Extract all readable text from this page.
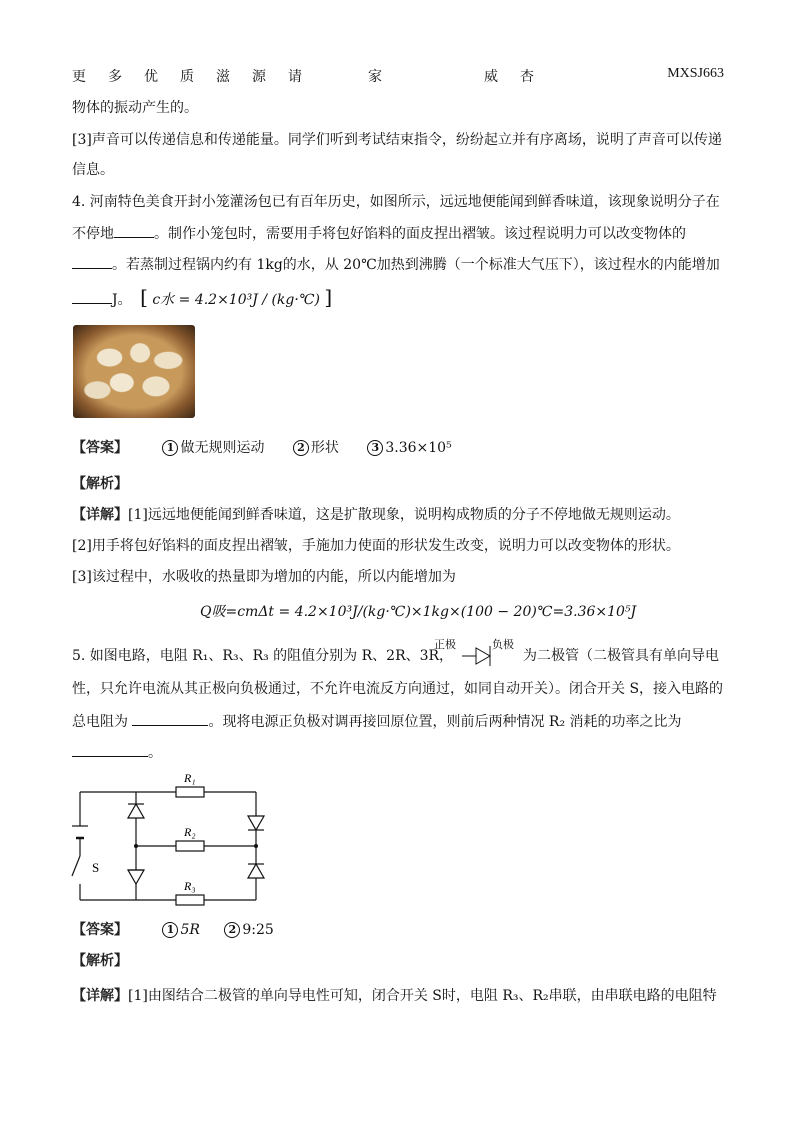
更 多 优 质 滋 源 请	家	威 杏	MXSJ663
物体的振动产生的。
[3]声音可以传递信息和传递能量。同学们听到考试结束指令，纷纷起立并有序离场，说明了声音可以传递
信息。
4. 河南特色美食开封小笼灌汤包已有百年历史，如图所示，远远地便能闻到鲜香味道，该现象说明分子在
不停地	。制作小笼包时，需要用手将包好馅料的面皮捏出褶皱。该过程说明力可以改变物体的
。若蒸制过程锅内约有 1kg的水，从 20℃加热到沸腾（一个标准大气压下），该过程水的内能增加
J。 [ c水 = 4.2×10³J / (kg·℃) ]
【答案】	1 做无规则运动	2 形状	3 3.36×10⁵
【解析】
【详解】[1]远远地便能闻到鲜香味道，这是扩散现象，说明构成物质的分子不停地做无规则运动。
[2]用手将包好馅料的面皮捏出褶皱，手施加力使面的形状发生改变，说明力可以改变物体的形状。
[3]该过程中，水吸收的热量即为增加的内能，所以内能增加为
Q吸=cmΔt = 4.2×10³J/(kg·℃)×1kg×(100 − 20)℃=3.36×10⁵J
5. 如图电路，电阻 R₁、R₃、R₃ 的阻值分别为 R、2R、3R，
正极	负极
为二极管（二极管具有单向导电
性，只允许电流从其正极向负极通过，不允许电流反方向通过，如同自动开关）。闭合开关 S，接入电路的
总电阻为	。现将电源正负极对调再接回原位置，则前后两种情况 R₂ 消耗的功率之比为
。
R₁
R₂
R₃
S
【答案】	1 5R	2 9:25
【解析】
【详解】[1]由图结合二极管的单向导电性可知，闭合开关 S时，电阻 R₃、R₂串联，由串联电路的电阻特
